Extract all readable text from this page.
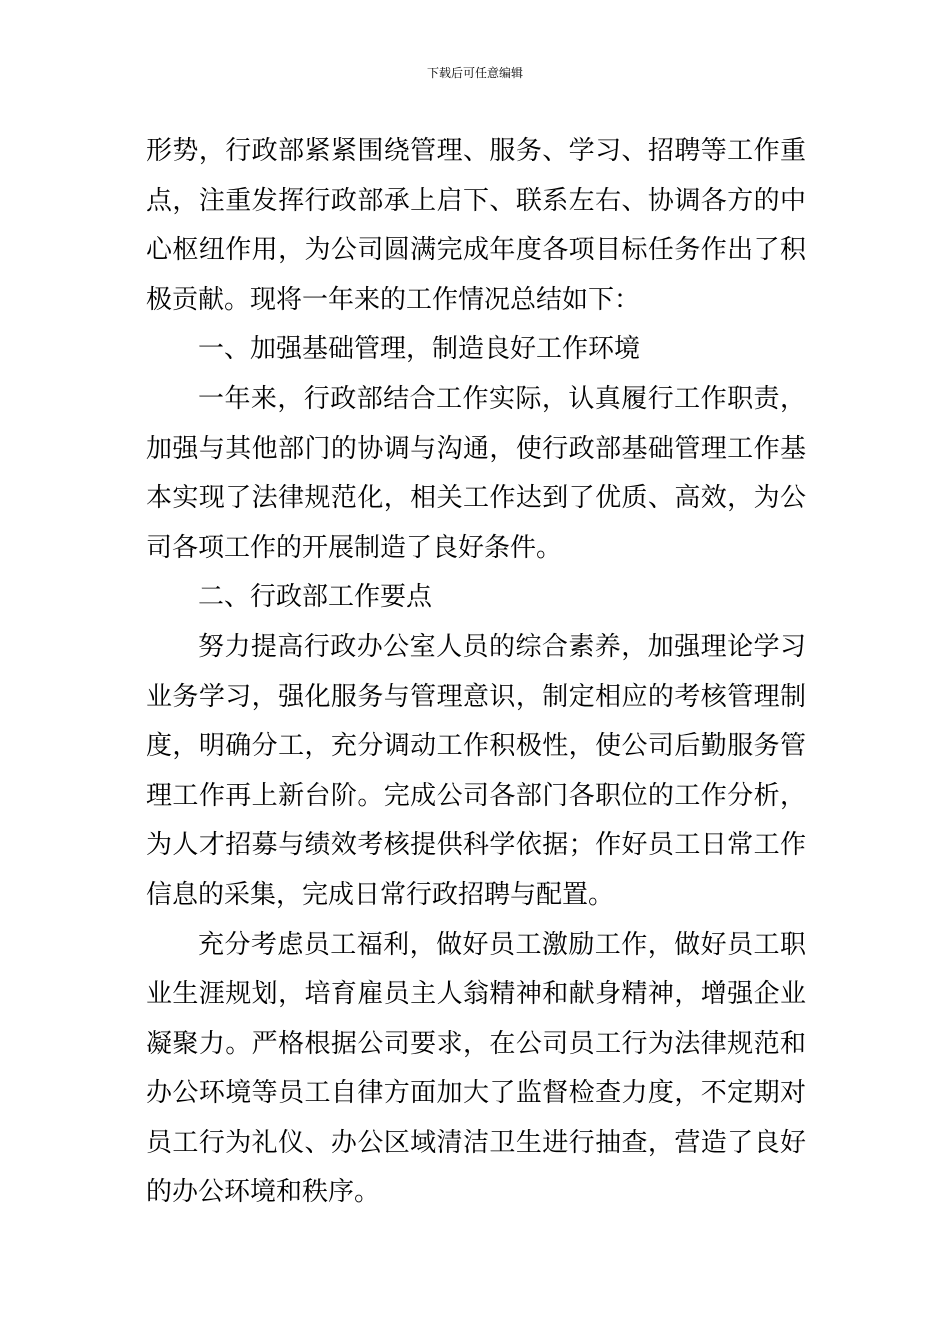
下载后可任意编辑
形势，行政部紧紧围绕管理、服务、学习、招聘等工作重
点，注重发挥行政部承上启下、联系左右、协调各方的中
心枢纽作用，为公司圆满完成年度各项目标任务作出了积
极贡献。现将一年来的工作情况总结如下：
一、加强基础管理，制造良好工作环境
一年来，行政部结合工作实际，认真履行工作职责，
加强与其他部门的协调与沟通，使行政部基础管理工作基
本实现了法律规范化，相关工作达到了优质、高效，为公
司各项工作的开展制造了良好条件。
二、行政部工作要点
努力提高行政办公室人员的综合素养，加强理论学习
业务学习，强化服务与管理意识，制定相应的考核管理制
度，明确分工，充分调动工作积极性，使公司后勤服务管
理工作再上新台阶。完成公司各部门各职位的工作分析，
为人才招募与绩效考核提供科学依据；作好员工日常工作
信息的采集，完成日常行政招聘与配置。
充分考虑员工福利，做好员工激励工作，做好员工职
业生涯规划，培育雇员主人翁精神和献身精神，增强企业
凝聚力。严格根据公司要求，在公司员工行为法律规范和
办公环境等员工自律方面加大了监督检查力度，不定期对
员工行为礼仪、办公区域清洁卫生进行抽查，营造了良好
的办公环境和秩序。
